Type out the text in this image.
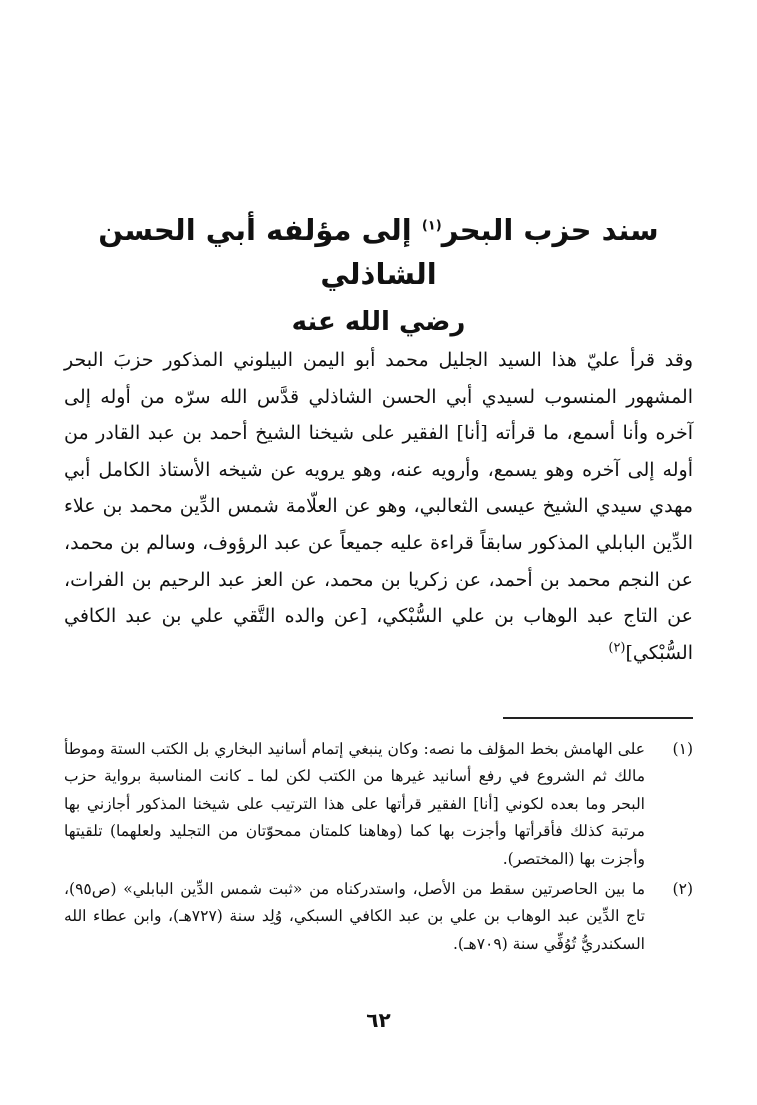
سند حزب البحر$^{(١)}$ إلى مؤلفه أبي الحسن الشاذلي
رضي الله عنه

وقد قرأ عليّ هذا السيد الجليل محمد أبو اليمن البيلوني المذكور حزبَ البحر المشهور المنسوب لسيدي أبي الحسن الشاذلي قدَّس الله سرّه من أوله إلى آخره وأنا أسمع، ما قرأته [أنا] الفقير على شيخنا الشيخ أحمد بن عبد القادر من أوله إلى آخره وهو يسمع، وأرويه عنه، وهو يرويه عن شيخه الأستاذ الكامل أبي مهدي سيدي الشيخ عيسى الثعالبي، وهو عن العلّامة شمس الدِّين محمد بن علاء الدِّين البابلي المذكور سابقاً قراءة عليه جميعاً عن عبد الرؤوف، وسالم بن محمد، عن النجم محمد بن أحمد، عن زكريا بن محمد، عن العز عبد الرحيم بن الفرات، عن التاج عبد الوهاب بن علي السُّبْكي، [عن والده التَّقي علي بن عبد الكافي السُّبْكي]$^{(٢)}$

(١)
على الهامش بخط المؤلف ما نصه: وكان ينبغي إتمام أسانيد البخاري بل الكتب الستة وموطأ مالك ثم الشروع في رفع أسانيد غيرها من الكتب لكن لما ـ كانت المناسبة برواية حزب البحر وما بعده لكوني [أنا] الفقير قرأتها على هذا الترتيب على شيخنا المذكور أجازني بها مرتبة كذلك فأقرأتها وأجزت بها كما (وهاهنا كلمتان ممحوّتان من التجليد ولعلهما) تلقيتها وأجزت بها (المختصر).
(٢)
ما بين الحاصرتين سقط من الأصل، واستدركناه من «ثبت شمس الدِّين البابلي» (ص٩٥)، تاج الدِّين عبد الوهاب بن علي بن عبد الكافي السبكي، وُلِد سنة (٧٢٧هـ)، وابن عطاء الله السكندريُّ تُوُفِّي سنة (٧٠٩هـ).
٦٢
